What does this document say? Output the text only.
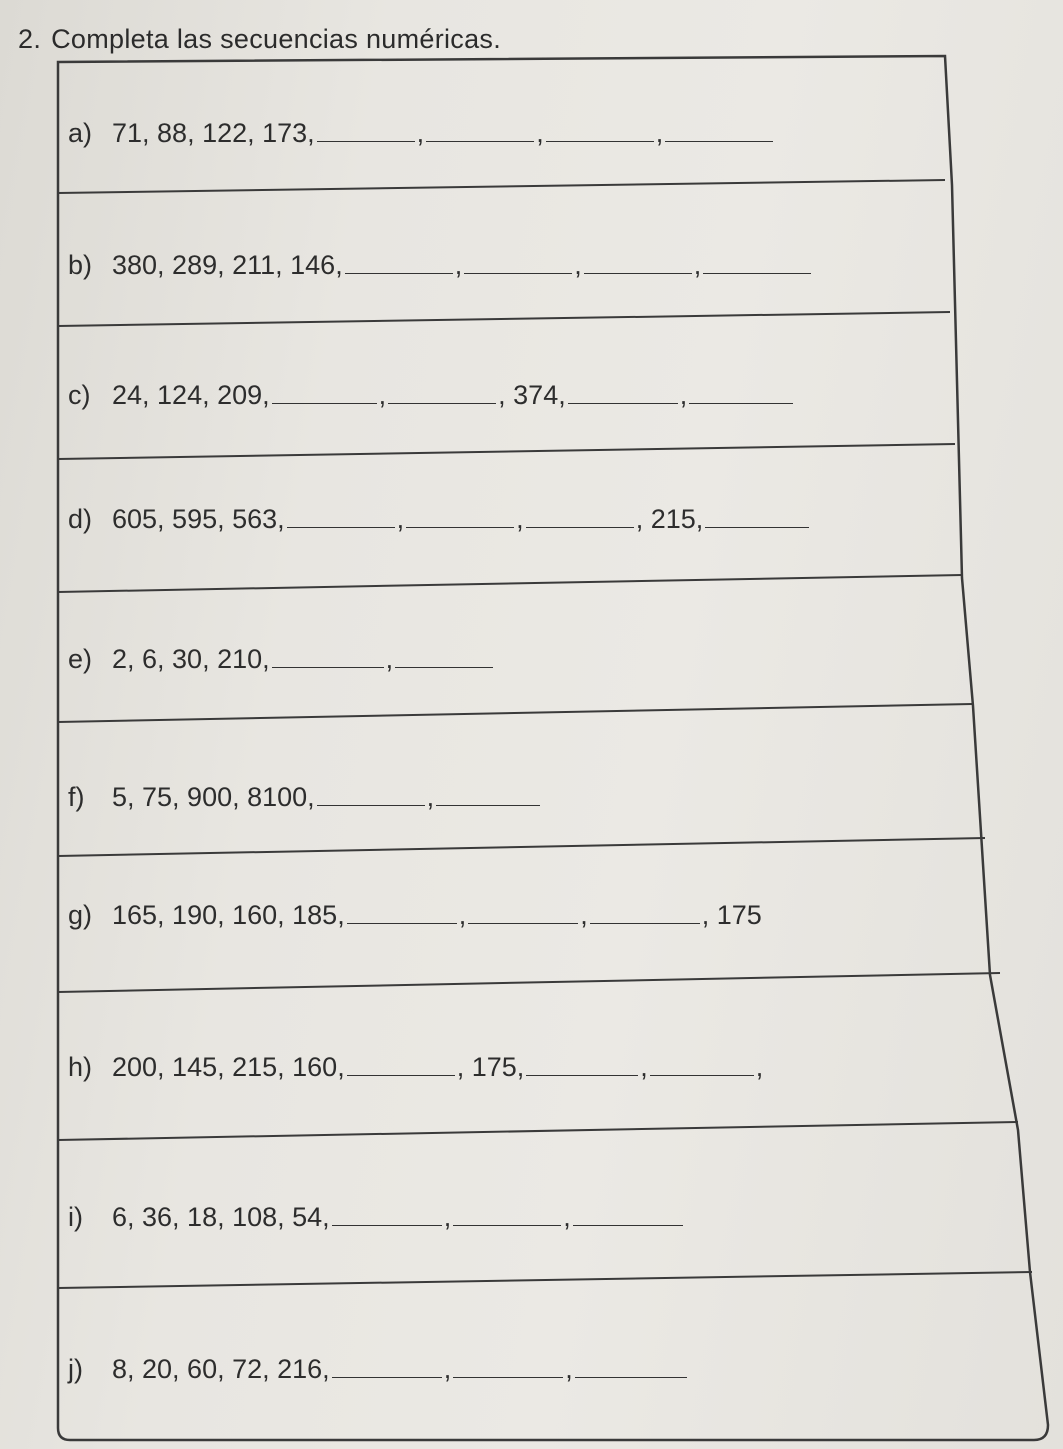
2. Completa las secuencias numéricas.
a) 71, 88, 122, 173,	,	,	,
b) 380, 289, 211, 146,	,	,	,
c) 24, 124, 209,	,	, 374,	,
d) 605, 595, 563,	,	,	, 215,
e) 2, 6, 30, 210,	,
f) 5, 75, 900, 8100,	,
g) 165, 190, 160, 185,	,	,	, 175
h) 200, 145, 215, 160,	, 175,	,	,
i) 6, 36, 18, 108, 54,	,	,
j) 8, 20, 60, 72, 216,	,	,
